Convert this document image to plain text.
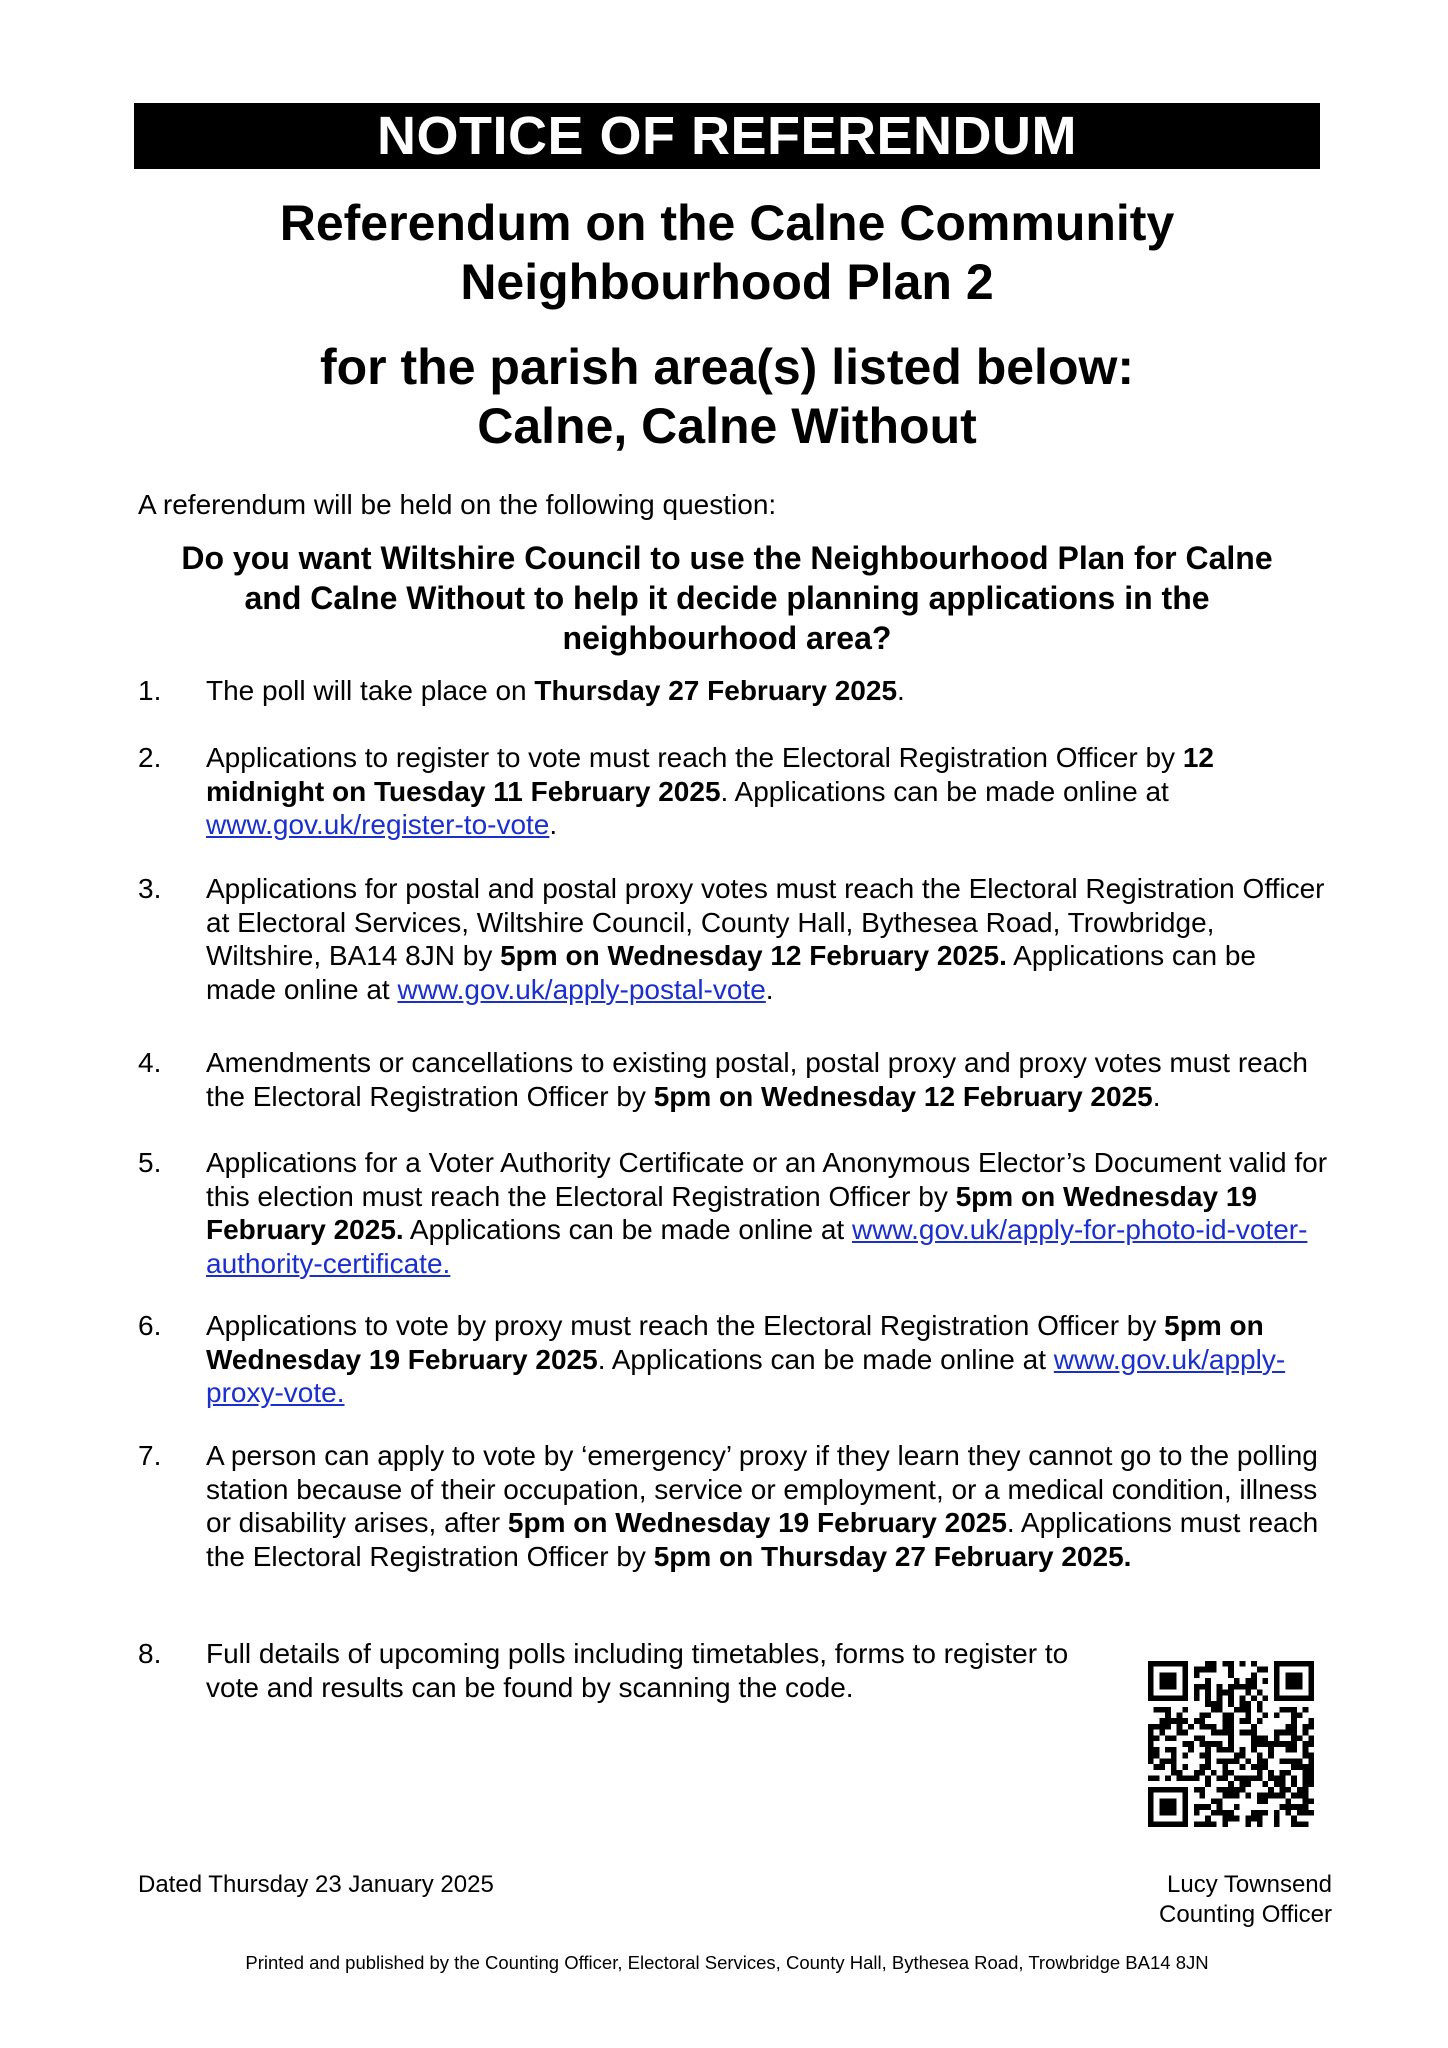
NOTICE OF REFERENDUM
Referendum on the Calne Community
Neighbourhood Plan 2
for the parish area(s) listed below:
Calne, Calne Without
A referendum will be held on the following question:
Do you want Wiltshire Council to use the Neighbourhood Plan for Calne
and Calne Without to help it decide planning applications in the
neighbourhood area?
1.	The poll will take place on Thursday 27 February 2025.
2.	Applications to register to vote must reach the Electoral Registration Officer by 12 midnight on Tuesday 11 February 2025. Applications can be made online at www.gov.uk/register-to-vote.
3.	Applications for postal and postal proxy votes must reach the Electoral Registration Officer at Electoral Services, Wiltshire Council, County Hall, Bythesea Road, Trowbridge, Wiltshire, BA14 8JN by 5pm on Wednesday 12 February 2025. Applications can be made online at www.gov.uk/apply-postal-vote.
4.	Amendments or cancellations to existing postal, postal proxy and proxy votes must reach the Electoral Registration Officer by 5pm on Wednesday 12 February 2025.
5.	Applications for a Voter Authority Certificate or an Anonymous Elector’s Document valid for this election must reach the Electoral Registration Officer by 5pm on Wednesday 19 February 2025. Applications can be made online at www.gov.uk/apply-for-photo-id-voter-authority-certificate.
6.	Applications to vote by proxy must reach the Electoral Registration Officer by 5pm on Wednesday 19 February 2025. Applications can be made online at www.gov.uk/apply-proxy-vote.
7.	A person can apply to vote by ‘emergency’ proxy if they learn they cannot go to the polling station because of their occupation, service or employment, or a medical condition, illness or disability arises, after 5pm on Wednesday 19 February 2025. Applications must reach the Electoral Registration Officer by 5pm on Thursday 27 February 2025.
8.	Full details of upcoming polls including timetables, forms to register to vote and results can be found by scanning the code.
Dated Thursday 23 January 2025	Lucy Townsend
Counting Officer
Printed and published by the Counting Officer, Electoral Services, County Hall, Bythesea Road, Trowbridge BA14 8JN
